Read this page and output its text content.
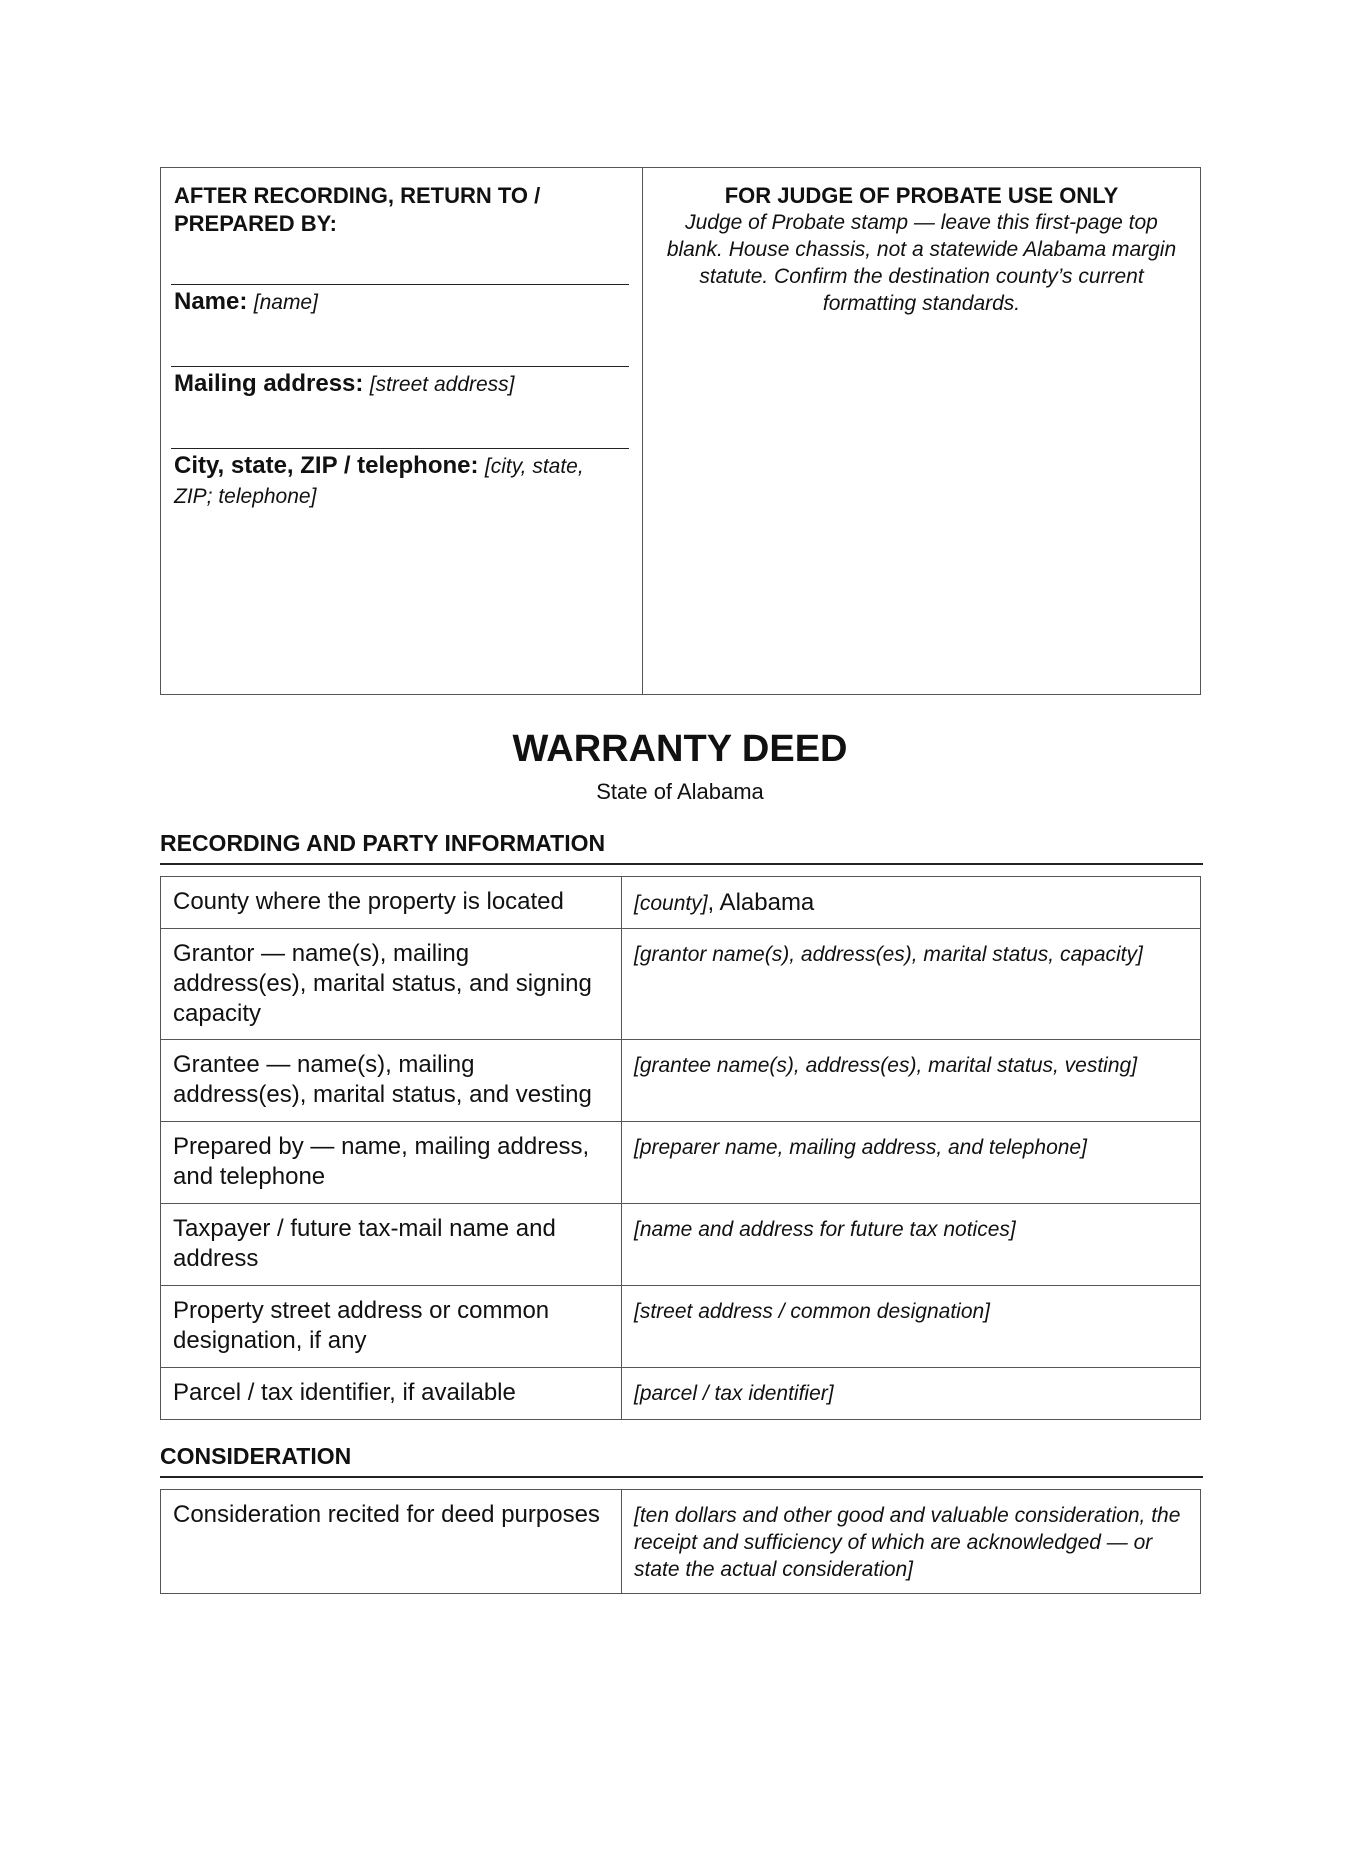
AFTER RECORDING, RETURN TO / PREPARED BY:
Name: [name]
Mailing address: [street address]
City, state, ZIP / telephone: [city, state, ZIP; telephone]
FOR JUDGE OF PROBATE USE ONLY
Judge of Probate stamp — leave this first-page top blank. House chassis, not a statewide Alabama margin statute. Confirm the destination county’s current formatting standards.
WARRANTY DEED
State of Alabama
RECORDING AND PARTY INFORMATION
County where the property is located	[county], Alabama
Grantor — name(s), mailing address(es), marital status, and signing capacity	[grantor name(s), address(es), marital status, capacity]
Grantee — name(s), mailing address(es), marital status, and vesting	[grantee name(s), address(es), marital status, vesting]
Prepared by — name, mailing address, and telephone	[preparer name, mailing address, and telephone]
Taxpayer / future tax-mail name and address	[name and address for future tax notices]
Property street address or common designation, if any	[street address / common designation]
Parcel / tax identifier, if available	[parcel / tax identifier]
CONSIDERATION
Consideration recited for deed purposes	[ten dollars and other good and valuable consideration, the receipt and sufficiency of which are acknowledged — or state the actual consideration]
